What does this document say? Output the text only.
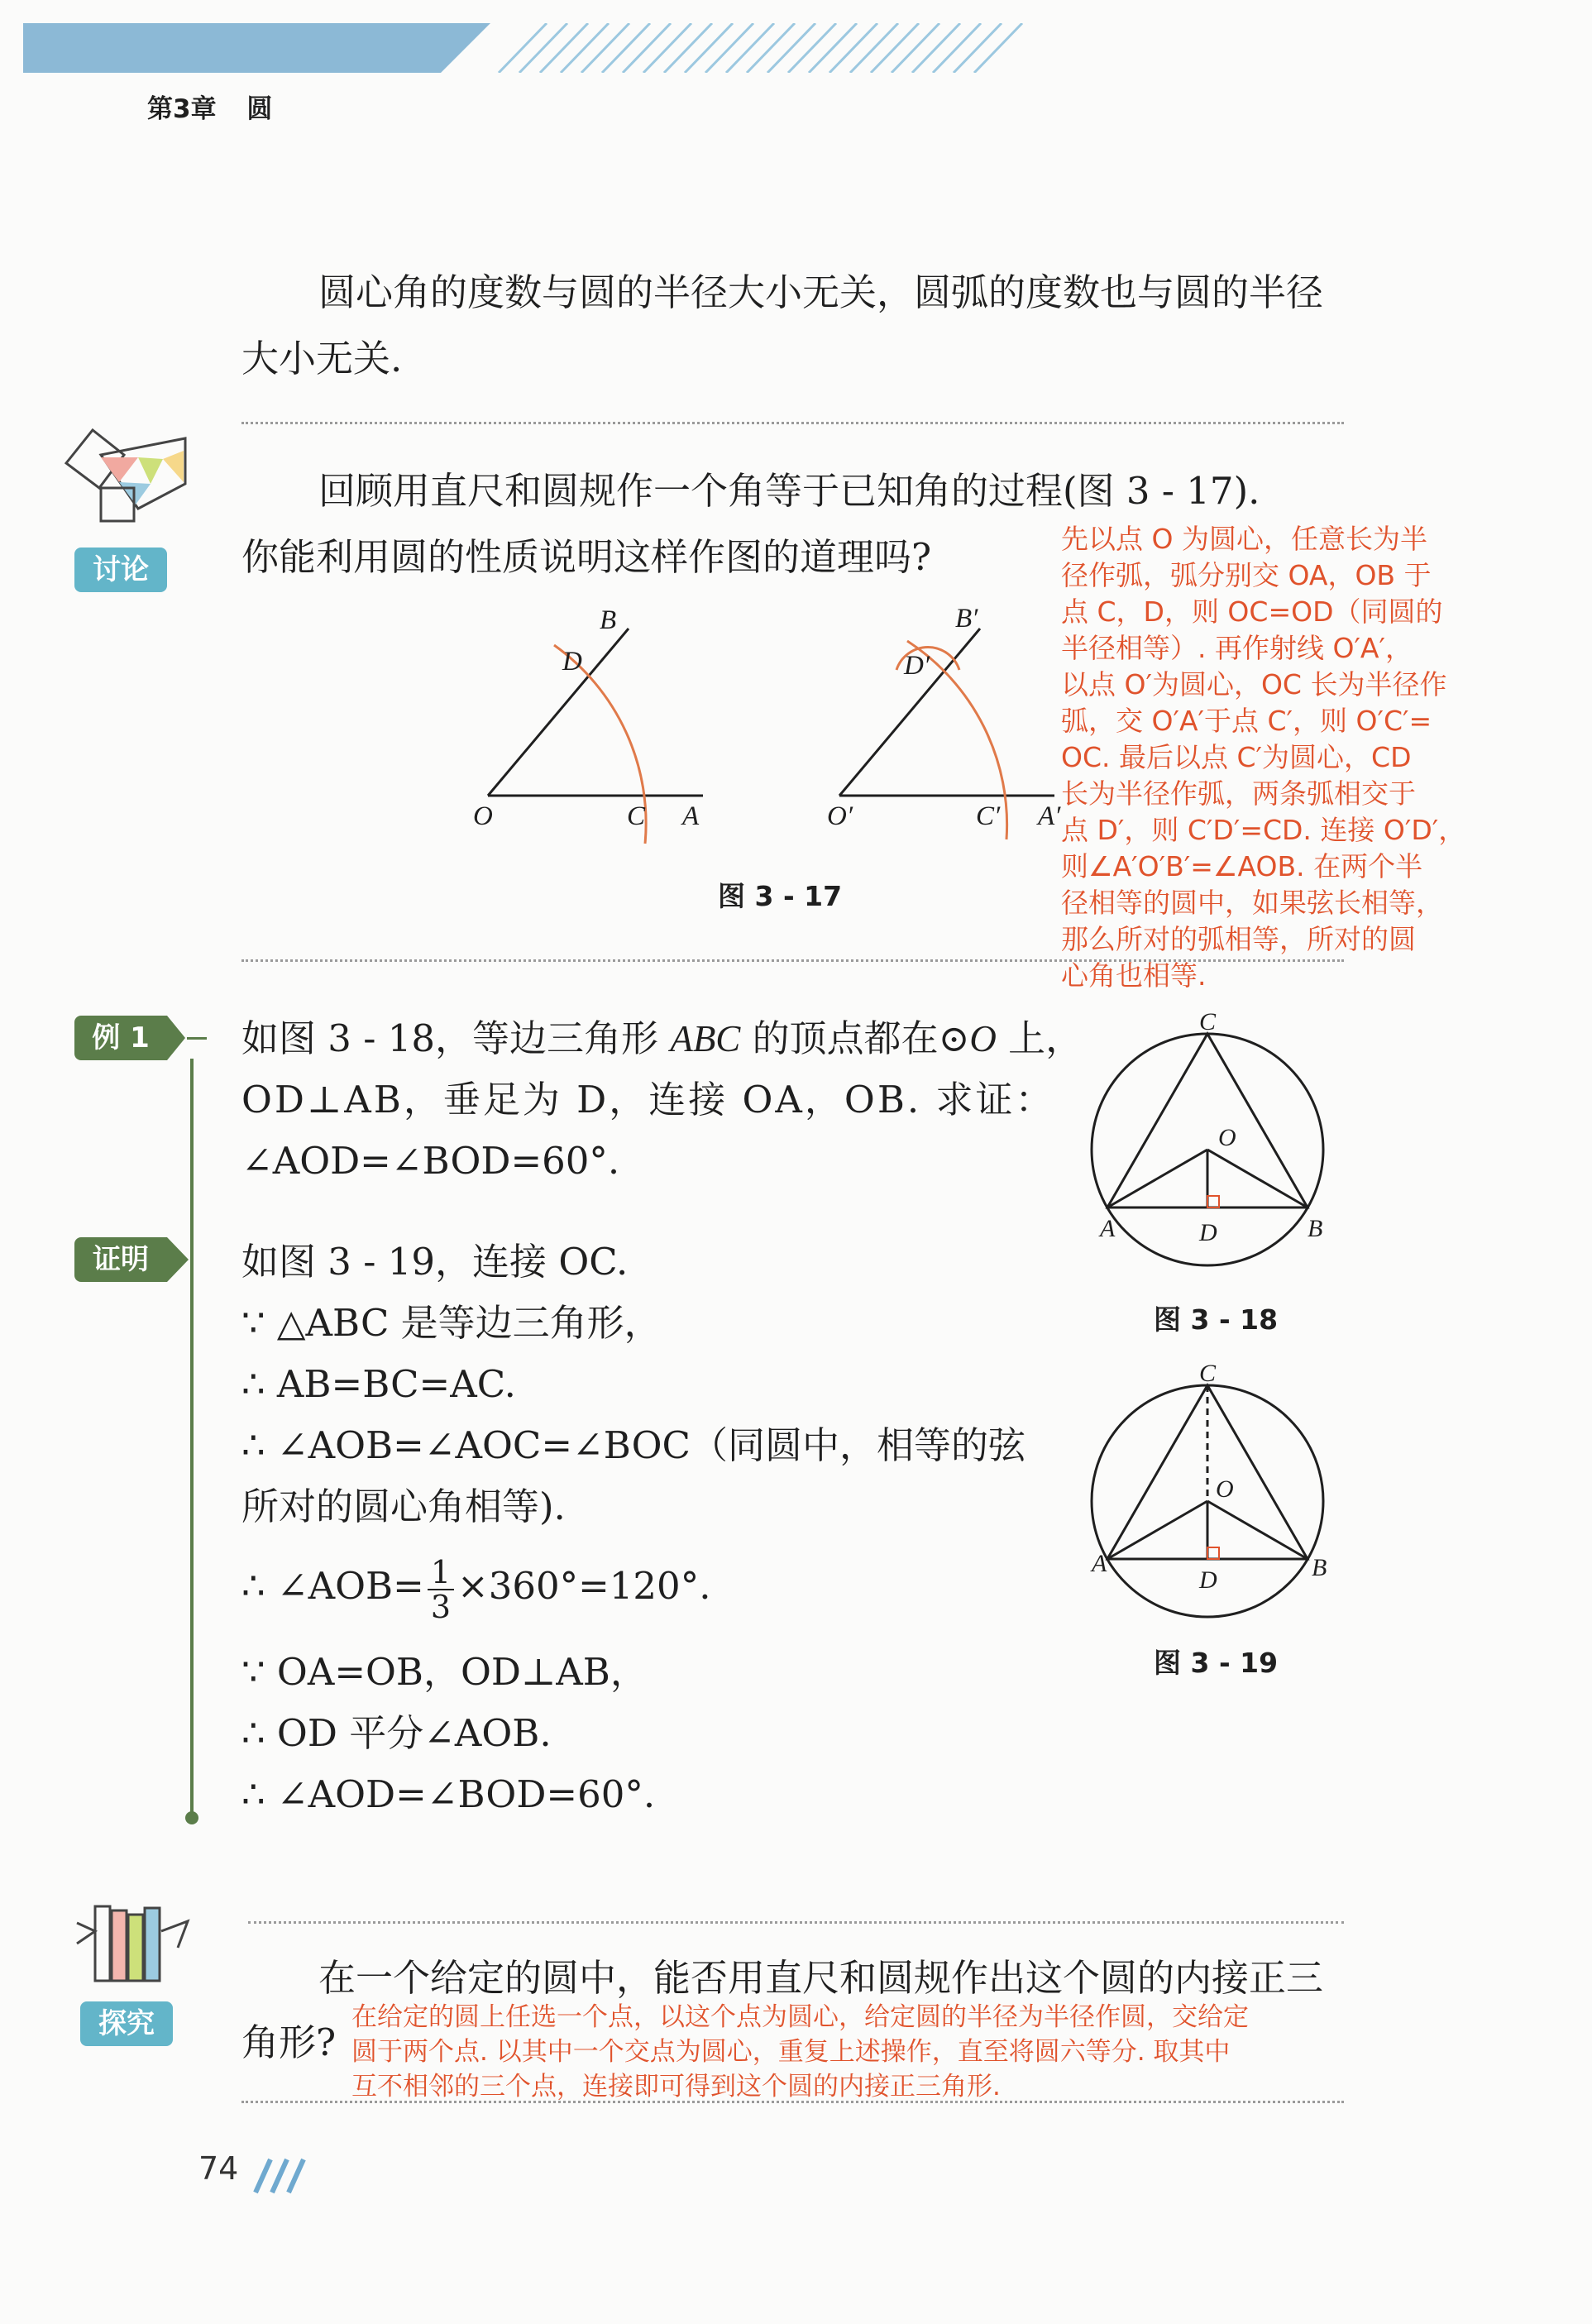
第3章 圆
圆心角的度数与圆的半径大小无关，圆弧的度数也与圆的半径
大小无关.
讨论
回顾用直尺和圆规作一个角等于已知角的过程(图 3 - 17).
你能利用圆的性质说明这样作图的道理吗?	先以点 O 为圆心，任意长为半
径作弧，弧分别交 OA，OB 于
点 C，D，则 OC=OD（同圆的
半径相等）. 再作射线 O′A′，
以点 O′为圆心，OC 长为半径作
弧，交 O′A′于点 C′，则 O′C′=
OC. 最后以点 C′为圆心，CD
长为半径作弧，两条弧相交于
点 D′，则 C′D′=CD. 连接 O′D′，
则∠A′O′B′=∠AOB. 在两个半
径相等的圆中，如果弦长相等，
那么所对的弧相等，所对的圆
心角也相等.
B
D
O	C A
B′
D′
O′	C′ A′
图 3 - 17
例 1	如图 3 - 18，等边三角形 ABC 的顶点都在⊙O 上，
OD⊥AB，垂足为 D，连接 OA，OB. 求证：
∠AOD=∠BOD=60°.
证明	如图 3 - 19，连接 OC.
∵ △ABC 是等边三角形，
∴ AB=BC=AC.
∴ ∠AOB=∠AOC=∠BOC（同圆中，相等的弦
所对的圆心角相等).
∴ ∠AOB= $\frac{1}{3} \times 360^\circ=120^\circ$.
∵ OA=OB，OD⊥AB，
∴ OD 平分∠AOB.
∴ ∠AOD=∠BOD=60°.
C
O
A	D	B
图 3 - 18
C
O
A
D	B
图 3 - 19
探究
在一个给定的圆中，能否用直尺和圆规作出这个圆的内接正三
角形?
在给定的圆上任选一个点，以这个点为圆心，给定圆的半径为半径作圆，交给定
圆于两个点. 以其中一个交点为圆心，重复上述操作，直至将圆六等分. 取其中
互不相邻的三个点，连接即可得到这个圆的内接正三角形.
74
